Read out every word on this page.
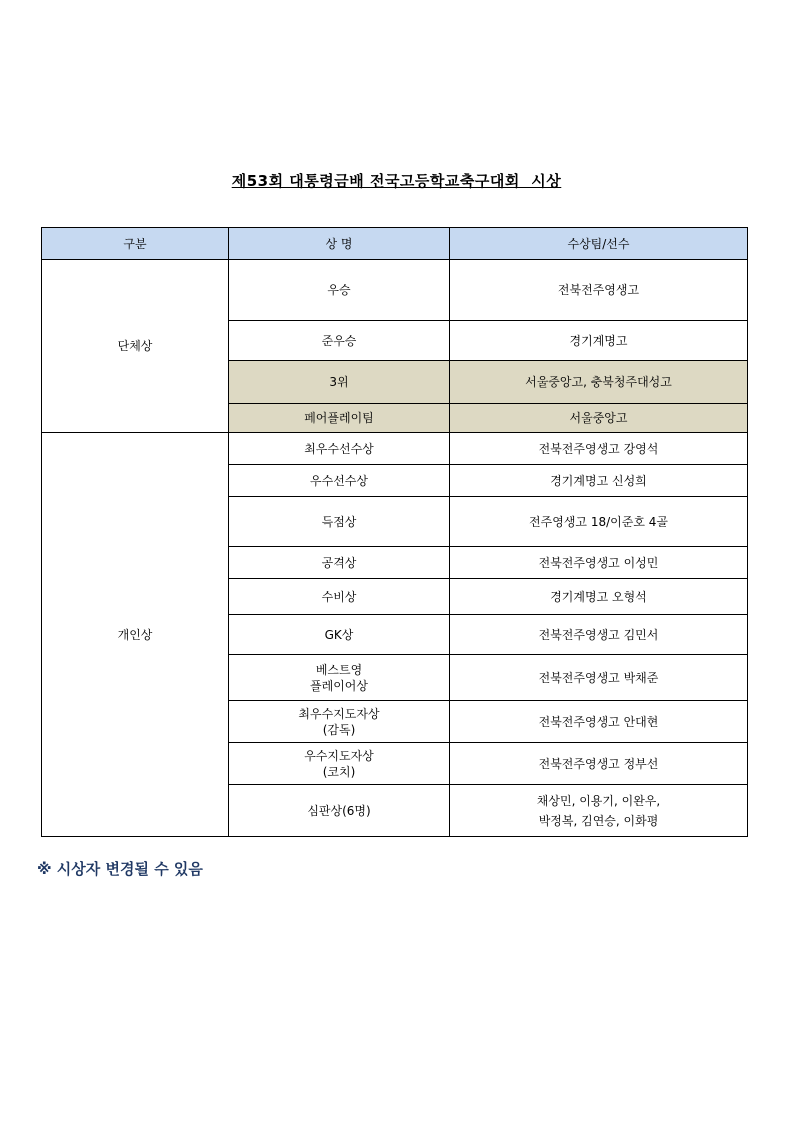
제53회 대통령금배 전국고등학교축구대회  시상
구분	상 명	수상팀/선수
단체상	우승	전북전주영생고
	준우승	경기계명고
	3위	서울중앙고, 충북청주대성고
	페어플레이팀	서울중앙고
개인상	최우수선수상	전북전주영생고 강영석
	우수선수상	경기계명고 신성희
	득점상	전주영생고 18/이준호 4골
	공격상	전북전주영생고 이성민
	수비상	경기계명고 오형석
	GK상	전북전주영생고 김민서
	베스트영
플레이어상	전북전주영생고 박채준
	최우수지도자상
(감독)	전북전주영생고 안대현
	우수지도자상
(코치)	전북전주영생고 정부선
	심판상(6명)	채상민, 이용기, 이완우,
박정복, 김연승, 이화평
※ 시상자 변경될 수 있음
